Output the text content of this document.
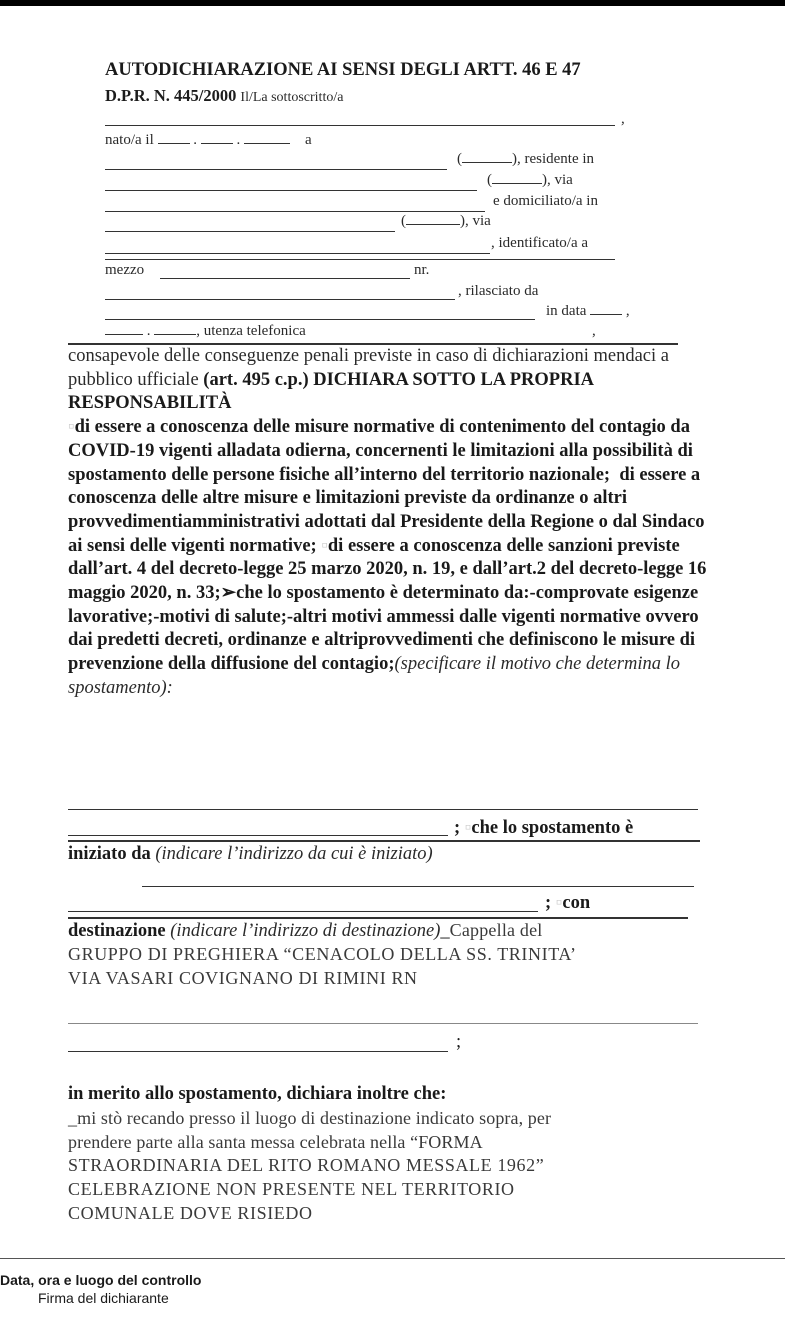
AUTODICHIARAZIONE AI SENSI DEGLI ARTT. 46 E 47
D.P.R. N. 445/2000 Il/La sottoscritto/a
,
nato/a il  .  .	a
(	), residente in
(	), via
e domiciliato/a in
(	), via
, identificato/a a
mezzo	nr.
, rilasciato da
in data  ,
.	, utenza telefonica	,
consapevole delle conseguenze penali previste in caso di dichiarazioni mendaci a pubblico ufficiale (art. 495 c.p.) DICHIARA SOTTO LA PROPRIA RESPONSABILITÀ
▫di essere a conoscenza delle misure normative di contenimento del contagio da COVID-19 vigenti alladata odierna, concernenti le limitazioni alla possibilità di spostamento delle persone fisiche all’interno del territorio nazionale; di essere a conoscenza delle altre misure e limitazioni previste da ordinanze o altri provvedimentiamministrativi adottati dal Presidente della Regione o dal Sindaco ai sensi delle vigenti normative; ▫di essere a conoscenza delle sanzioni previste dall’art. 4 del decreto-legge 25 marzo 2020, n. 19, e dall’art.2 del decreto-legge 16 maggio 2020, n. 33;➢che lo spostamento è determinato da:-comprovate esigenze lavorative;-motivi di salute;-altri motivi ammessi dalle vigenti normative ovvero dai predetti decreti, ordinanze e altriprovvedimenti che definiscono le misure di prevenzione della diffusione del contagio;(specificare il motivo che determina lo spostamento):
; ▫che lo spostamento è
iniziato da (indicare l’indirizzo da cui è iniziato)
; ▫con
destinazione (indicare l’indirizzo di destinazione)_Cappella del
GRUPPO DI PREGHIERA “CENACOLO DELLA SS. TRINITA’
VIA VASARI COVIGNANO DI RIMINI RN
;
in merito allo spostamento, dichiara inoltre che:
_mi stò recando presso il luogo di destinazione indicato sopra, per
prendere parte alla santa messa celebrata nella “FORMA
STRAORDINARIA DEL RITO ROMANO MESSALE 1962”
CELEBRAZIONE NON PRESENTE NEL TERRITORIO
COMUNALE DOVE RISIEDO
Data, ora e luogo del controllo
Firma del dichiarante
